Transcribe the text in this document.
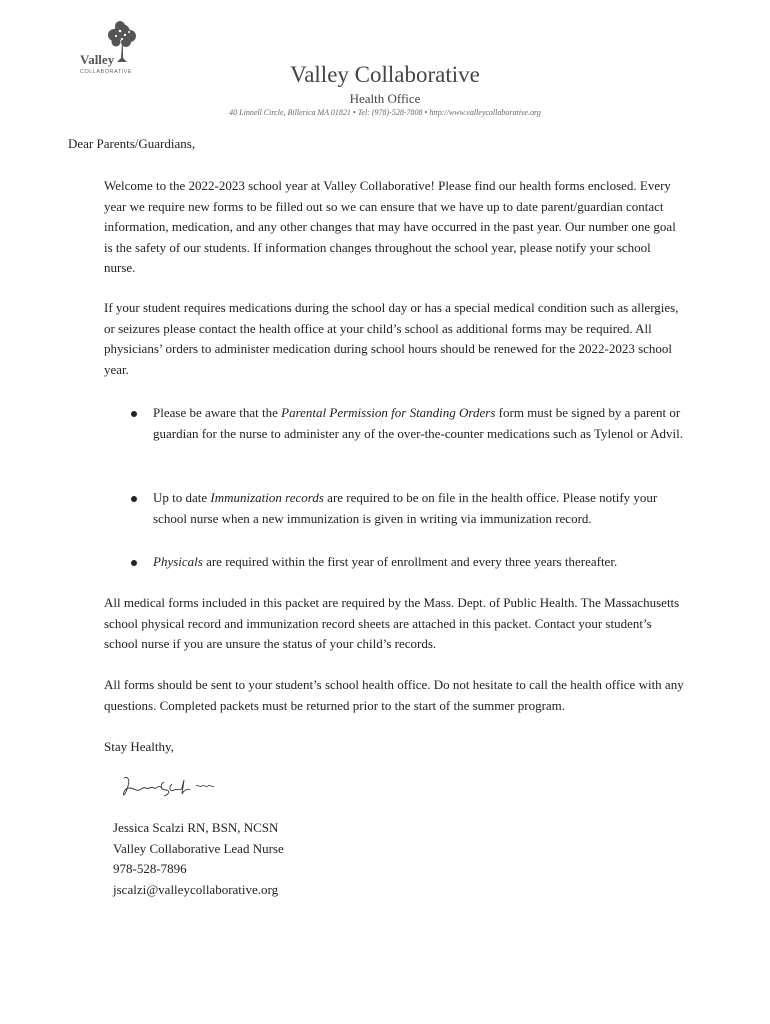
Valley
COLLABORATIVE	Valley Collaborative
Health Office
40 Linnell Circle, Billerica MA 01821 • Tel: (978)-528-7808 • http://www.valleycollaborative.org

Dear Parents/Guardians,

Welcome to the 2022-2023 school year at Valley Collaborative! Please find our health forms enclosed. Every year we require new forms to be filled out so we can ensure that we have up to date parent/guardian contact information, medication, and any other changes that may have occurred in the past year. Our number one goal is the safety of our students. If information changes throughout the school year, please notify your school nurse.

If your student requires medications during the school day or has a special medical condition such as allergies, or seizures please contact the health office at your child’s school as additional forms may be required. All physicians’ orders to administer medication during school hours should be renewed for the 2022-2023 school year.

Please be aware that the Parental Permission for Standing Orders form must be signed by a parent or guardian for the nurse to administer any of the over-the-counter medications such as Tylenol or Advil.
Up to date Immunization records are required to be on file in the health office. Please notify your school nurse when a new immunization is given in writing via immunization record.
Physicals are required within the first year of enrollment and every three years thereafter.

All medical forms included in this packet are required by the Mass. Dept. of Public Health. The Massachusetts school physical record and immunization record sheets are attached in this packet. Contact your student’s school nurse if you are unsure the status of your child’s records.

All forms should be sent to your student’s school health office. Do not hesitate to call the health office with any questions. Completed packets must be returned prior to the start of the summer program.

Stay Healthy,

Jessica Scalzi RN, BSN, NCSN
Valley Collaborative Lead Nurse
978-528-7896
jscalzi@valleycollaborative.org
